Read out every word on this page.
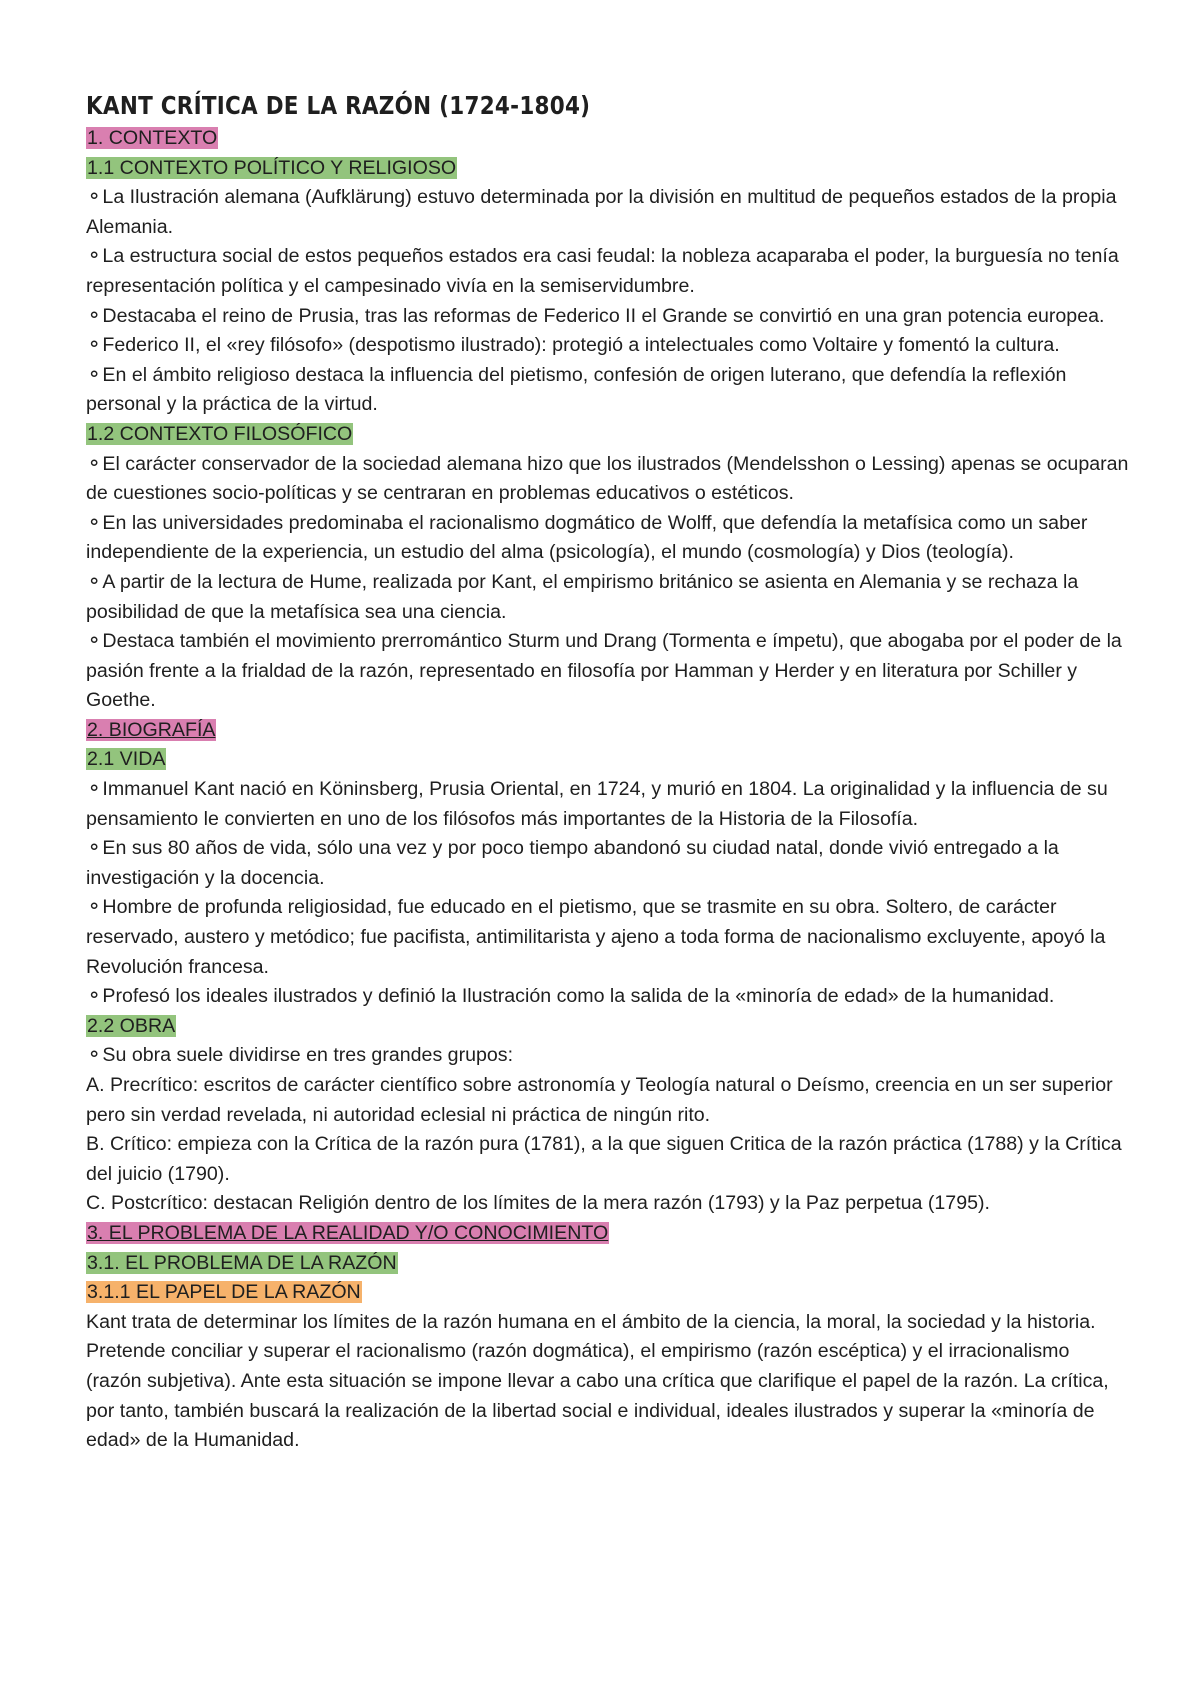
KANT CRÍTICA DE LA RAZÓN (1724-1804)

1. CONTEXTO

1.1 CONTEXTO POLÍTICO Y RELIGIOSO

⚬La Ilustración alemana (Aufklärung) estuvo determinada por la división en multitud de pequeños estados de la propia Alemania.

⚬La estructura social de estos pequeños estados era casi feudal: la nobleza acaparaba el poder, la burguesía no tenía representación política y el campesinado vivía en la semiservidumbre.

⚬Destacaba el reino de Prusia, tras las reformas de Federico II el Grande se convirtió en una gran potencia europea.

⚬Federico II, el «rey filósofo» (despotismo ilustrado): protegió a intelectuales como Voltaire y fomentó la cultura.

⚬En el ámbito religioso destaca la influencia del pietismo, confesión de origen luterano, que defendía la reflexión personal y la práctica de la virtud.

1.2 CONTEXTO FILOSÓFICO

⚬El carácter conservador de la sociedad alemana hizo que los ilustrados (Mendelsshon o Lessing) apenas se ocuparan de cuestiones socio-políticas y se centraran en problemas educativos o estéticos.

⚬En las universidades predominaba el racionalismo dogmático de Wolff, que defendía la metafísica como un saber independiente de la experiencia, un estudio del alma (psicología), el mundo (cosmología) y Dios (teología).

⚬A partir de la lectura de Hume, realizada por Kant, el empirismo británico se asienta en Alemania y se rechaza la posibilidad de que la metafísica sea una ciencia.

⚬Destaca también el movimiento prerromántico Sturm und Drang (Tormenta e ímpetu), que abogaba por el poder de la pasión frente a la frialdad de la razón, representado en filosofía por Hamman y Herder y en literatura por Schiller y Goethe.

2. BIOGRAFÍA

2.1 VIDA

⚬Immanuel Kant nació en Köninsberg, Prusia Oriental, en 1724, y murió en 1804. La originalidad y la influencia de su pensamiento le convierten en uno de los filósofos más importantes de la Historia de la Filosofía.

⚬En sus 80 años de vida, sólo una vez y por poco tiempo abandonó su ciudad natal, donde vivió entregado a la investigación y la docencia.

⚬Hombre de profunda religiosidad, fue educado en el pietismo, que se trasmite en su obra. Soltero, de carácter reservado, austero y metódico; fue pacifista, antimilitarista y ajeno a toda forma de nacionalismo excluyente, apoyó la Revolución francesa.

⚬Profesó los ideales ilustrados y definió la Ilustración como la salida de la «minoría de edad» de la humanidad.

2.2 OBRA

⚬Su obra suele dividirse en tres grandes grupos:

A. Precrítico: escritos de carácter científico sobre astronomía y Teología natural o Deísmo, creencia en un ser superior pero sin verdad revelada, ni autoridad eclesial ni práctica de ningún rito.

B. Crítico: empieza con la Crítica de la razón pura (1781), a la que siguen Critica de la razón práctica (1788) y la Crítica del juicio (1790).

C. Postcrítico: destacan Religión dentro de los límites de la mera razón (1793) y la Paz perpetua (1795).

3. EL PROBLEMA DE LA REALIDAD Y/O CONOCIMIENTO

3.1. EL PROBLEMA DE LA RAZÓN

3.1.1 EL PAPEL DE LA RAZÓN

Kant trata de determinar los límites de la razón humana en el ámbito de la ciencia, la moral, la sociedad y la historia. Pretende conciliar y superar el racionalismo (razón dogmática), el empirismo (razón escéptica) y el irracionalismo (razón subjetiva). Ante esta situación se impone llevar a cabo una crítica que clarifique el papel de la razón. La crítica, por tanto, también buscará la realización de la libertad social e individual, ideales ilustrados y superar la «minoría de edad» de la Humanidad.
